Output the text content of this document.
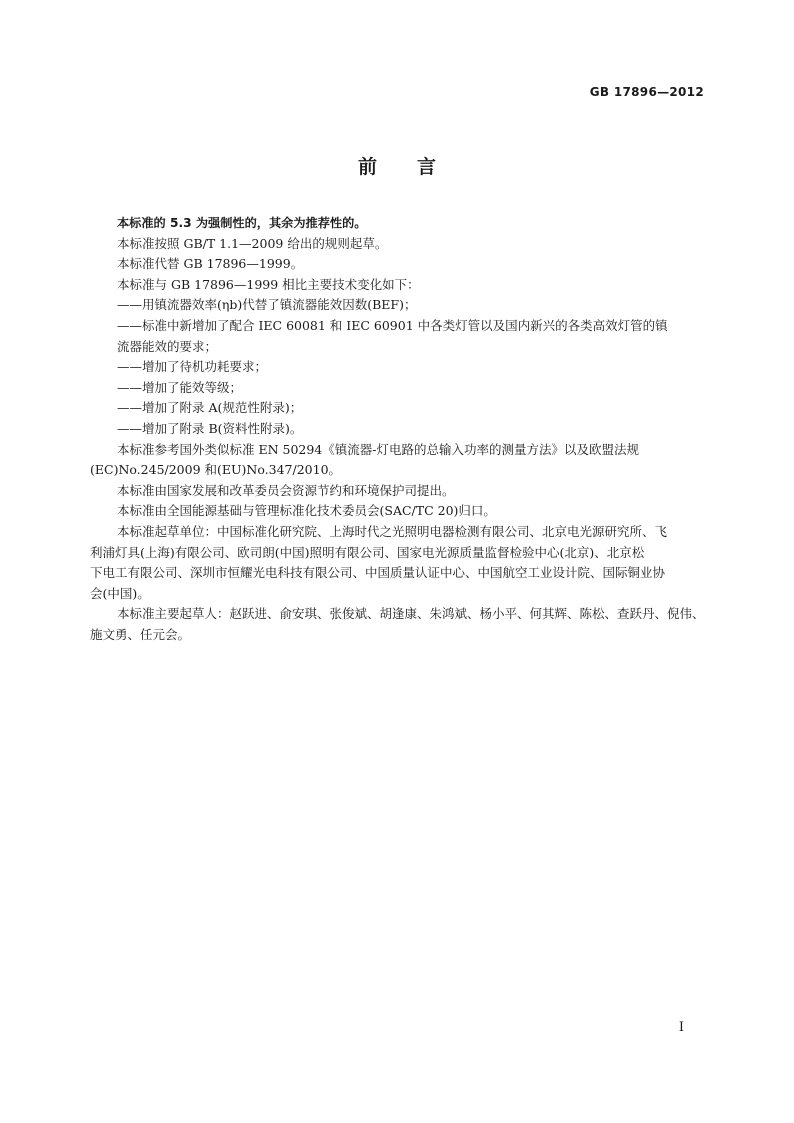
GB 17896—2012
前 言

本标准的 5.3 为强制性的，其余为推荐性的。

本标准按照 GB/T 1.1—2009 给出的规则起草。

本标准代替 GB 17896—1999。

本标准与 GB 17896—1999 相比主要技术变化如下：

——用镇流器效率(ηb)代替了镇流器能效因数(BEF)；
——标准中新增加了配合 IEC 60081 和 IEC 60901 中各类灯管以及国内新兴的各类高效灯管的镇
流器能效的要求；
——增加了待机功耗要求；
——增加了能效等级；
——增加了附录 A(规范性附录)；
——增加了附录 B(资料性附录)。

本标准参考国外类似标准 EN 50294《镇流器-灯电路的总输入功率的测量方法》以及欧盟法规

(EC)No.245/2009 和(EU)No.347/2010。

本标准由国家发展和改革委员会资源节约和环境保护司提出。

本标准由全国能源基础与管理标准化技术委员会(SAC/TC 20)归口。

本标准起草单位：中国标准化研究院、上海时代之光照明电器检测有限公司、北京电光源研究所、飞

利浦灯具(上海)有限公司、欧司朗(中国)照明有限公司、国家电光源质量监督检验中心(北京)、北京松
下电工有限公司、深圳市恒耀光电科技有限公司、中国质量认证中心、中国航空工业设计院、国际铜业协
会(中国)。

本标准主要起草人：赵跃进、俞安琪、张俊斌、胡逢康、朱鸿斌、杨小平、何其辉、陈松、查跃丹、倪伟、

施文勇、任元会。
I
